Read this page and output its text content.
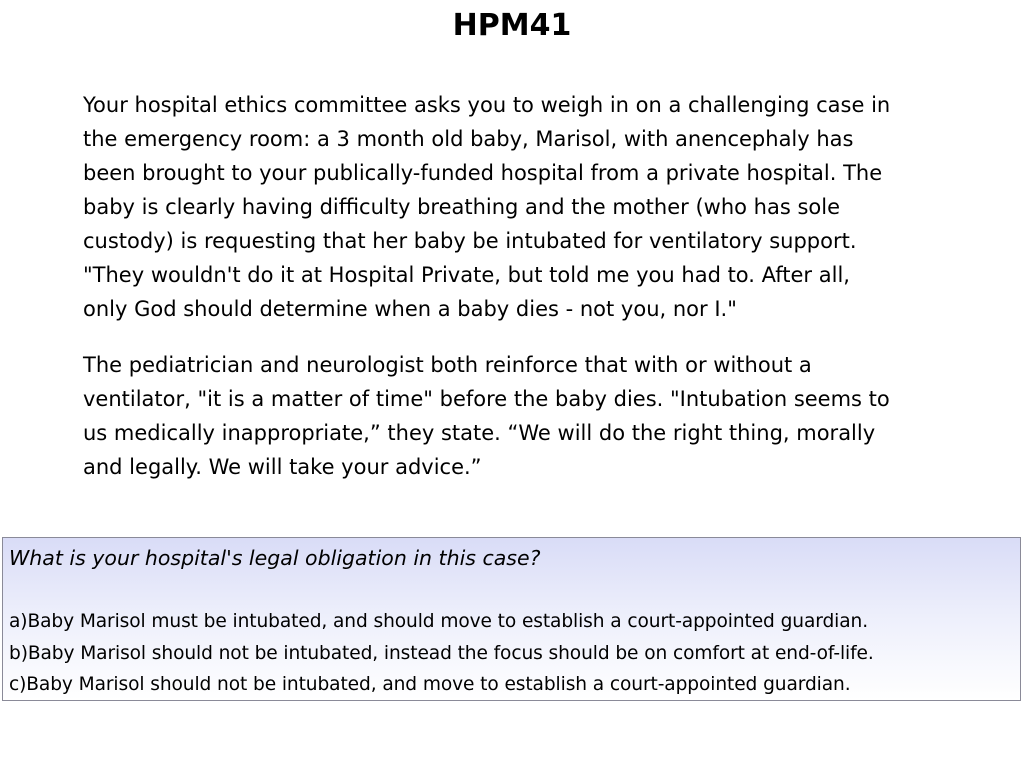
HPM41

Your hospital ethics committee asks you to weigh in on a challenging case in
the emergency room: a 3 month old baby, Marisol, with anencephaly has
been brought to your publically-funded hospital from a private hospital. The
baby is clearly having difficulty breathing and the mother (who has sole
custody) is requesting that her baby be intubated for ventilatory support.
"They wouldn't do it at Hospital Private, but told me you had to. After all,
only God should determine when a baby dies - not you, nor I."

The pediatrician and neurologist both reinforce that with or without a
ventilator, "it is a matter of time" before the baby dies. "Intubation seems to
us medically inappropriate,” they state. “We will do the right thing, morally
and legally. We will take your advice.”

What is your hospital's legal obligation in this case?

a)Baby Marisol must be intubated, and should move to establish a court-appointed guardian.
b)Baby Marisol should not be intubated, instead the focus should be on comfort at end-of-life.
c)Baby Marisol should not be intubated, and move to establish a court-appointed guardian.
